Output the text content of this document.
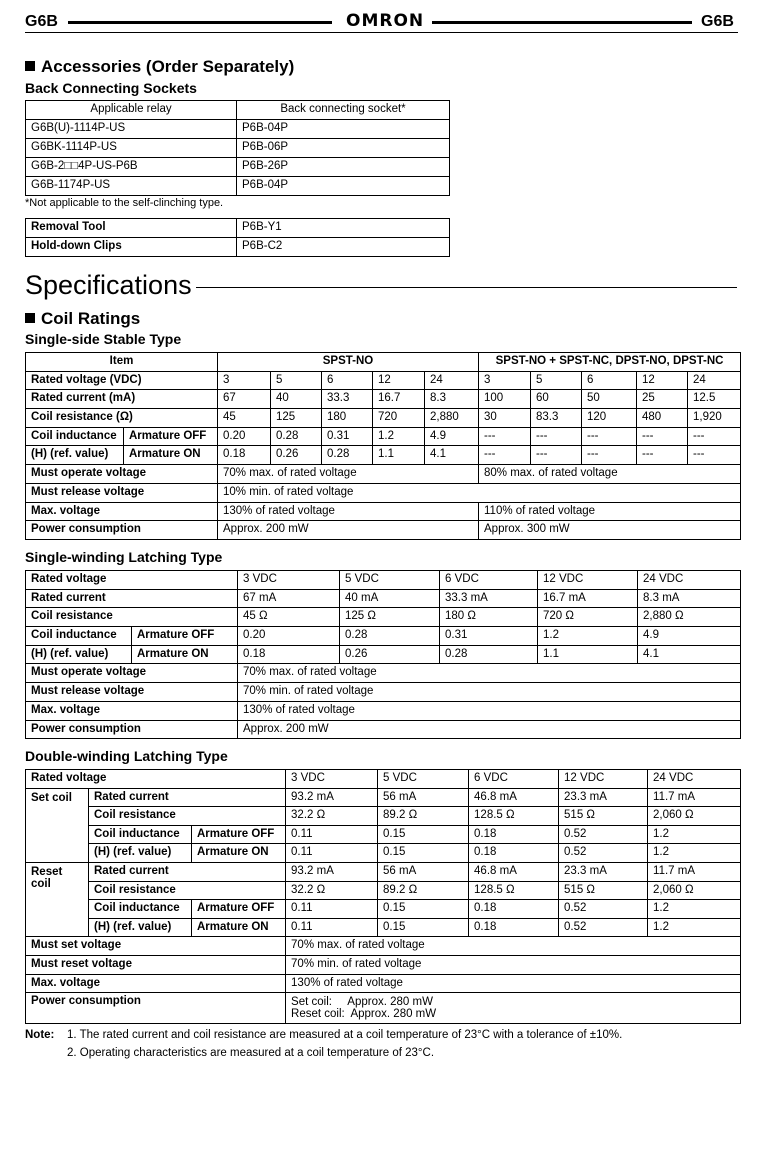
G6B	OMRON	G6B
Accessories (Order Separately)
Back Connecting Sockets
Applicable relay	Back connecting socket*
G6B(U)-1114P-US	P6B-04P
G6BK-1114P-US	P6B-06P
G6B-2□□4P-US-P6B	P6B-26P
G6B-1174P-US	P6B-04P
*Not applicable to the self-clinching type.
Removal Tool	P6B-Y1
Hold-down Clips	P6B-C2
Specifications
Coil Ratings
Single-side Stable Type
Item		SPST-NO					SPST-NO + SPST-NC, DPST-NO, DPST-NC				
Rated voltage (VDC)		3	5	6	12	24	3	5	6	12	24
Rated current (mA)		67	40	33.3	16.7	8.3	100	60	50	25	12.5
Coil resistance (Ω)		45	125	180	720	2,880	30	83.3	120	480	1,920
Coil inductance	Armature OFF	0.20	0.28	0.31	1.2	4.9	---	---	---	---	---
(H) (ref. value)	Armature ON	0.18	0.26	0.28	1.1	4.1	---	---	---	---	---
Must operate voltage		70% max. of rated voltage					80% max. of rated voltage				
Must release voltage		10% min. of rated voltage									
Max. voltage		130% of rated voltage					110% of rated voltage				
Power consumption		Approx. 200 mW					Approx. 300 mW				
Single-winding Latching Type
Rated voltage		3 VDC	5 VDC	6 VDC	12 VDC	24 VDC
Rated current		67 mA	40 mA	33.3 mA	16.7 mA	8.3 mA
Coil resistance		45 Ω	125 Ω	180 Ω	720 Ω	2,880 Ω
Coil inductance	Armature OFF	0.20	0.28	0.31	1.2	4.9
(H) (ref. value)	Armature ON	0.18	0.26	0.28	1.1	4.1
Must operate voltage		70% max. of rated voltage				
Must release voltage		70% min. of rated voltage				
Max. voltage		130% of rated voltage				
Power consumption		Approx. 200 mW				
Double-winding Latching Type
Rated voltage			3 VDC	5 VDC	6 VDC	12 VDC	24 VDC
Set coil	Rated current		93.2 mA	56 mA	46.8 mA	23.3 mA	11.7 mA
	Coil resistance		32.2 Ω	89.2 Ω	128.5 Ω	515 Ω	2,060 Ω
	Coil inductance	Armature OFF	0.11	0.15	0.18	0.52	1.2
	(H) (ref. value)	Armature ON	0.11	0.15	0.18	0.52	1.2
Reset
coil	Rated current		93.2 mA	56 mA	46.8 mA	23.3 mA	11.7 mA
	Coil resistance		32.2 Ω	89.2 Ω	128.5 Ω	515 Ω	2,060 Ω
	Coil inductance	Armature OFF	0.11	0.15	0.18	0.52	1.2
	(H) (ref. value)	Armature ON	0.11	0.15	0.18	0.52	1.2
Must set voltage			70% max. of rated voltage				
Must reset voltage			70% min. of rated voltage				
Max. voltage			130% of rated voltage				
Power consumption			Set coil:     Approx. 280 mW
Reset coil:  Approx. 280 mW				
Note: 1. The rated current and coil resistance are measured at a coil temperature of 23°C with a tolerance of ±10%.
2. Operating characteristics are measured at a coil temperature of 23°C.
